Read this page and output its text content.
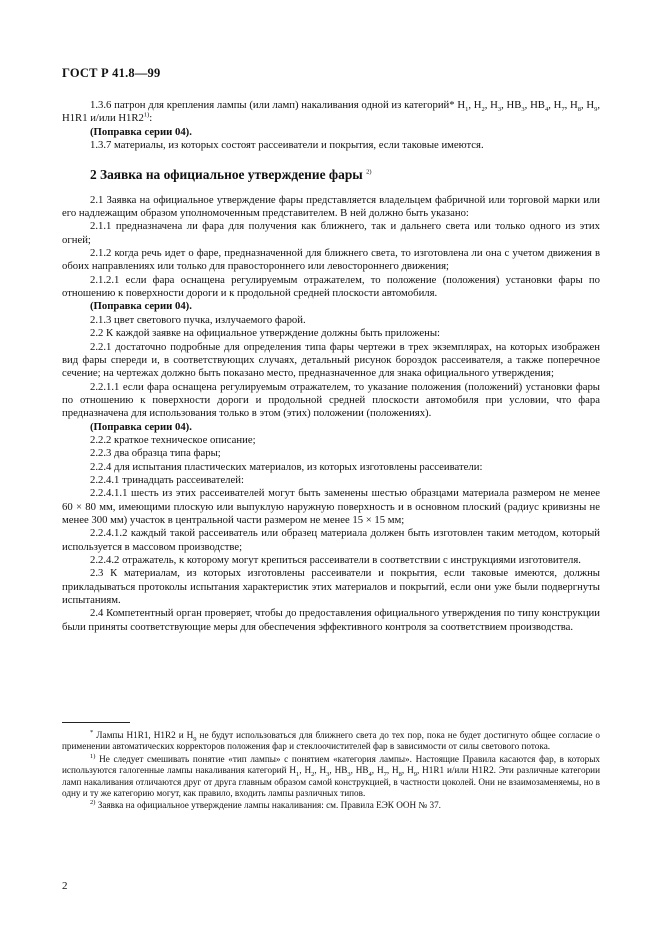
ГОСТ Р 41.8—99

1.3.6 патрон для крепления лампы (или ламп) накаливания одной из категорий* $H_1$, $H_2$, $H_3$, $HB_3$, $HB_4$, $H_7$, $H_8$, $H_9$, H1R1 и/или H1R2$^{1)}$:

(Поправка серии 04).

1.3.7 материалы, из которых состоят рассеиватели и покрытия, если таковые имеются.

2 Заявка на официальное утверждение фары $^{2)}$

2.1 Заявка на официальное утверждение фары представляется владельцем фабричной или торговой марки или его надлежащим образом уполномоченным представителем. В ней должно быть указано:

2.1.1 предназначена ли фара для получения как ближнего, так и дальнего света или только одного из этих огней;

2.1.2 когда речь идет о фаре, предназначенной для ближнего света, то изготовлена ли она с учетом движения в обоих направлениях или только для правостороннего или левостороннего движения;

2.1.2.1 если фара оснащена регулируемым отражателем, то положение (положения) установки фары по отношению к поверхности дороги и к продольной средней плоскости автомобиля.

(Поправка серии 04).

2.1.3 цвет светового пучка, излучаемого фарой.

2.2 К каждой заявке на официальное утверждение должны быть приложены:

2.2.1 достаточно подробные для определения типа фары чертежи в трех экземплярах, на которых изображен вид фары спереди и, в соответствующих случаях, детальный рисунок бороздок рассеивателя, а также поперечное сечение; на чертежах должно быть показано место, предназначенное для знака официального утверждения;

2.2.1.1 если фара оснащена регулируемым отражателем, то указание положения (положений) установки фары по отношению к поверхности дороги и продольной средней плоскости автомобиля при условии, что фара предназначена для использования только в этом (этих) положении (положениях).

(Поправка серии 04).

2.2.2 краткое техническое описание;

2.2.3 два образца типа фары;

2.2.4 для испытания пластических материалов, из которых изготовлены рассеиватели:

2.2.4.1 тринадцать рассеивателей:

2.2.4.1.1 шесть из этих рассеивателей могут быть заменены шестью образцами материала размером не менее 60 × 80 мм, имеющими плоскую или выпуклую наружную поверхность и в основном плоский (радиус кривизны не менее 300 мм) участок в центральной части размером не менее 15 × 15 мм;

2.2.4.1.2 каждый такой рассеиватель или образец материала должен быть изготовлен таким методом, который используется в массовом производстве;

2.2.4.2 отражатель, к которому могут крепиться рассеиватели в соответствии с инструкциями изготовителя.

2.3 К материалам, из которых изготовлены рассеиватели и покрытия, если таковые имеются, должны прикладываться протоколы испытания характеристик этих материалов и покрытий, если они уже были подвергнуты испытаниям.

2.4 Компетентный орган проверяет, чтобы до предоставления официального утверждения по типу конструкции были приняты соответствующие меры для обеспечения эффективного контроля за соответствием производства.

* Лампы H1R1, H1R2 и $H_9$ не будут использоваться для ближнего света до тех пор, пока не будет достигнуто общее согласие о применении автоматических корректоров положения фар и стеклоочистителей фар в зависимости от силы светового потока.

$^{1)}$ Не следует смешивать понятие «тип лампы» с понятием «категория лампы». Настоящие Правила касаются фар, в которых используются галогенные лампы накаливания категорий $H_1$, $H_2$, $H_3$, $HB_3$, $HB_4$, $H_7$, $H_8$, $H_9$, H1R1 и/или H1R2. Эти различные категории ламп накаливания отличаются друг от друга главным образом самой конструкцией, в частности цоколей. Они не взаимозаменяемы, но в одну и ту же категорию могут, как правило, входить лампы различных типов.

$^{2)}$ Заявка на официальное утверждение лампы накаливания: см. Правила ЕЭК ООН № 37.

2
